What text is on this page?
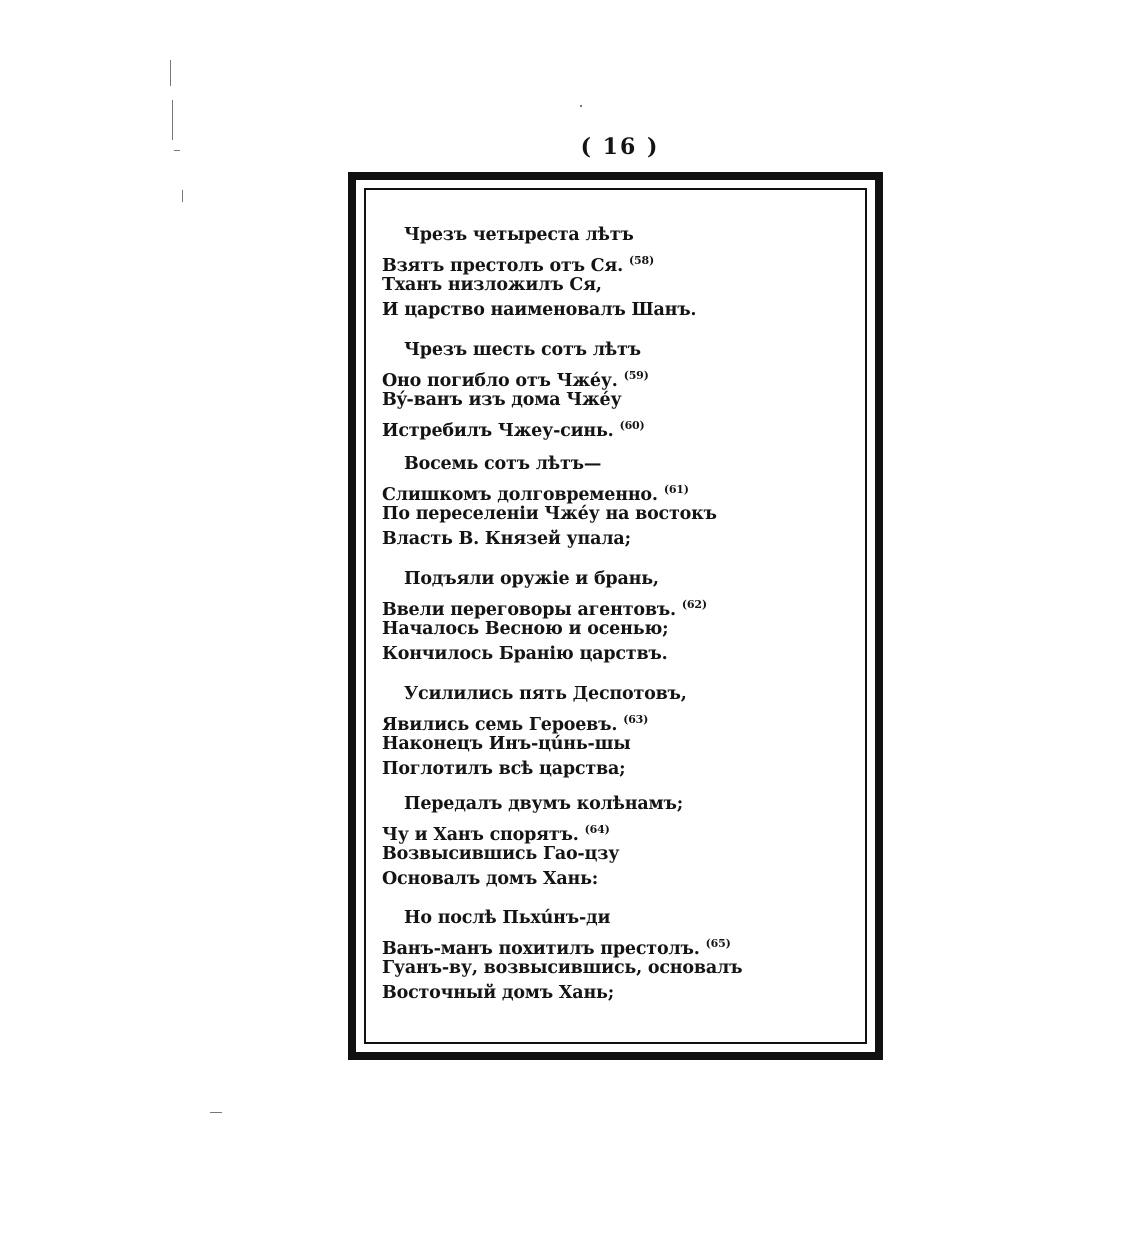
( 16 )
Чрезъ четыреста лѣтъ
Взятъ престолъ отъ Ся. $^{(58)}$
Тханъ низложилъ Ся,
И царство наименовалъ Шанъ.
Чрезъ шесть сотъ лѣтъ
Оно погибло отъ Чжéу. $^{(59)}$
Вý-ванъ изъ дома Чжéу
Истребилъ Чжеу-синь. $^{(60)}$
Восемь сотъ лѣтъ—
Слишкомъ долговременно. $^{(61)}$
По переселенiи Чжéу на востокъ
Власть В. Князей упала;
Подъяли оружiе и брань,
Ввели переговоры агентовъ. $^{(62)}$
Началось Весною и осенью;
Кончилось Бранiю царствъ.
Усилились пять Деспотовъ,
Явились семь Героевъ. $^{(63)}$
Наконецъ Инъ-цúнь-шы
Поглотилъ всѣ царства;
Передалъ двумъ колѣнамъ;
Чу и Ханъ спорятъ. $^{(64)}$
Возвысившись Гао-цзу
Основалъ домъ Хань:
Но послѣ Пьхúнъ-ди
Ванъ-манъ похитилъ престолъ. $^{(65)}$
Гуанъ-ву, возвысившись, основалъ
Восточный домъ Хань;
